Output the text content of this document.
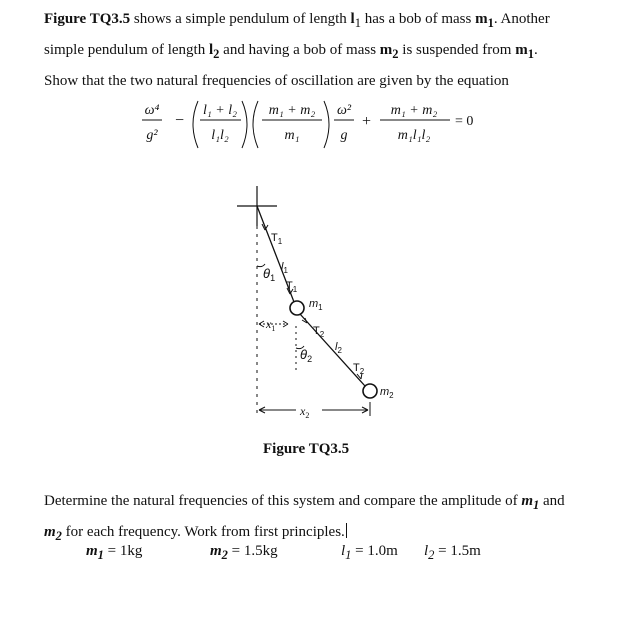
Figure TQ3.5 shows a simple pendulum of length $l_1$ has a bob of mass $m_1$. Another
simple pendulum of length $l_2$ and having a bob of mass $m_2$ is suspended from $m_1$.
Show that the two natural frequencies of oscillation are given by the equation
ω⁴
g²
−
l₁ + l₂
l₁l₂
m₁ + m₂
m₁
ω²
g
+
m₁ + m₂
m₁l₁l₂
= 0
$T_1$
$\theta_1$
$l_1$
$T_1$
$m_1$
$x_1$	$T_2$
$\theta_2$
$l_2$
$T_2$
$m_2$
$x_2$
Figure TQ3.5
Determine the natural frequencies of this system and compare the amplitude of $m_1$ and
$m_2$ for each frequency. Work from first principles.
$m_1 = 1kg$	$m_2 = 1.5kg$	$l_1 = 1.0m$ $l_2 = 1.5m$
